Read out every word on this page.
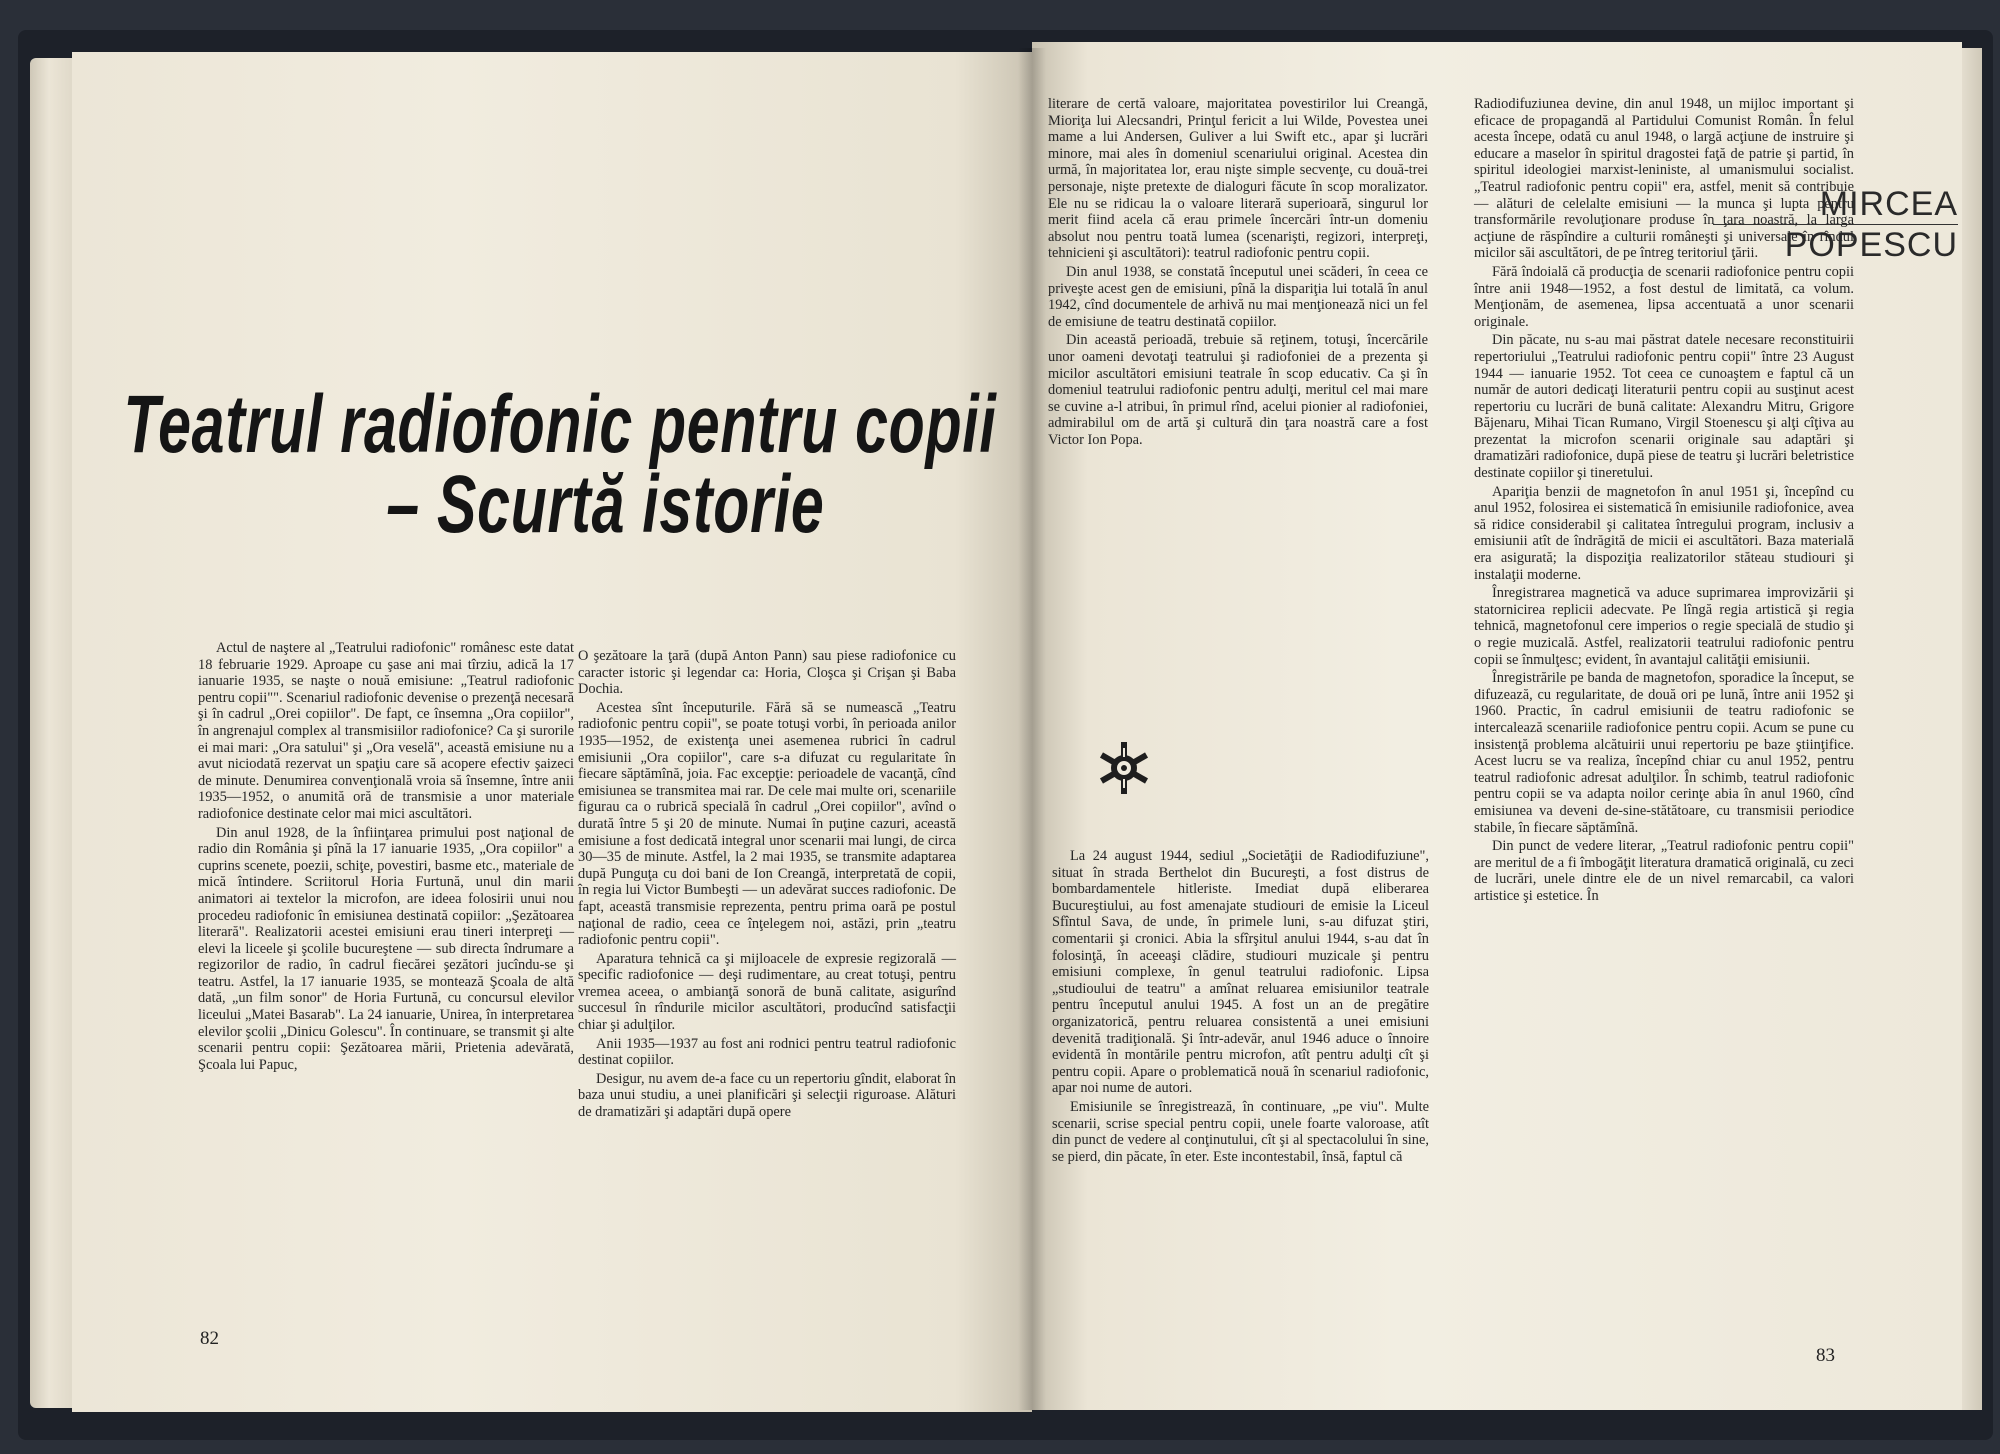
MIRCEA
POPESCU
Teatrul radiofonic pentru copii
– Scurtă istorie

Actul de naştere al „Teatrului radiofonic" românesc este datat 18 februarie 1929. Aproape cu şase ani mai tîrziu, adică la 17 ianuarie 1935, se naşte o nouă emisiune: „Teatrul radiofonic pentru copii"". Scenariul radiofonic devenise o prezenţă necesară şi în cadrul „Orei copiilor". De fapt, ce însemna „Ora copiilor", în angrenajul complex al transmisiilor radiofonice? Ca şi surorile ei mai mari: „Ora satului" şi „Ora veselă", această emisiune nu a avut niciodată rezervat un spaţiu care să acopere efectiv şaizeci de minute. Denumirea convenţională vroia să însemne, între anii 1935—1952, o anumită oră de transmisie a unor materiale radiofonice destinate celor mai mici ascultători.

Din anul 1928, de la înfiinţarea primului post naţional de radio din România şi pînă la 17 ianuarie 1935, „Ora copiilor" a cuprins scenete, poezii, schiţe, povestiri, basme etc., materiale de mică întindere. Scriitorul Horia Furtună, unul din marii animatori ai textelor la microfon, are ideea folosirii unui nou procedeu radiofonic în emisiunea destinată copiilor: „Şezătoarea literară". Realizatorii acestei emisiuni erau tineri interpreţi — elevi la liceele şi şcolile bucureştene — sub directa îndrumare a regizorilor de radio, în cadrul fiecărei şezători jucîndu-se şi teatru. Astfel, la 17 ianuarie 1935, se montează Şcoala de altă dată, „un film sonor" de Horia Furtună, cu concursul elevilor liceului „Matei Basarab". La 24 ianuarie, Unirea, în interpretarea elevilor şcolii „Dinicu Golescu". În continuare, se transmit şi alte scenarii pentru copii: Şezătoarea mării, Prietenia adevărată, Şcoala lui Papuc,

O şezătoare la ţară (după Anton Pann) sau piese radiofonice cu caracter istoric şi legendar ca: Horia, Cloşca şi Crişan şi Baba Dochia.

Acestea sînt începuturile. Fără să se numească „Teatru radiofonic pentru copii", se poate totuşi vorbi, în perioada anilor 1935—1952, de existenţa unei asemenea rubrici în cadrul emisiunii „Ora copiilor", care s-a difuzat cu regularitate în fiecare săptămînă, joia. Fac excepţie: perioadele de vacanţă, cînd emisiunea se transmitea mai rar. De cele mai multe ori, scenariile figurau ca o rubrică specială în cadrul „Orei copiilor", avînd o durată între 5 şi 20 de minute. Numai în puţine cazuri, această emisiune a fost dedicată integral unor scenarii mai lungi, de circa 30—35 de minute. Astfel, la 2 mai 1935, se transmite adaptarea după Punguţa cu doi bani de Ion Creangă, interpretată de copii, în regia lui Victor Bumbeşti — un adevărat succes radiofonic. De fapt, această transmisie reprezenta, pentru prima oară pe postul naţional de radio, ceea ce înţelegem noi, astăzi, prin „teatru radiofonic pentru copii".

Aparatura tehnică ca şi mijloacele de expresie regizorală — specific radiofonice — deşi rudimentare, au creat totuşi, pentru vremea aceea, o ambianţă sonoră de bună calitate, asigurînd succesul în rîndurile micilor ascultători, producînd satisfacţii chiar şi adulţilor.

Anii 1935—1937 au fost ani rodnici pentru teatrul radiofonic destinat copiilor.

Desigur, nu avem de-a face cu un repertoriu gîndit, elaborat în baza unui studiu, a unei planificări şi selecţii riguroase. Alături de dramatizări şi adaptări după opere

82

literare de certă valoare, majoritatea povestirilor lui Creangă, Mioriţa lui Alecsandri, Prinţul fericit a lui Wilde, Povestea unei mame a lui Andersen, Guliver a lui Swift etc., apar şi lucrări minore, mai ales în domeniul scenariului original. Acestea din urmă, în majoritatea lor, erau nişte simple secvenţe, cu două-trei personaje, nişte pretexte de dialoguri făcute în scop moralizator. Ele nu se ridicau la o valoare literară superioară, singurul lor merit fiind acela că erau primele încercări într-un domeniu absolut nou pentru toată lumea (scenarişti, regizori, interpreţi, tehnicieni şi ascultători): teatrul radiofonic pentru copii.

Din anul 1938, se constată începutul unei scăderi, în ceea ce priveşte acest gen de emisiuni, pînă la dispariţia lui totală în anul 1942, cînd documentele de arhivă nu mai menţionează nici un fel de emisiune de teatru destinată copiilor.

Din această perioadă, trebuie să reţinem, totuşi, încercările unor oameni devotaţi teatrului şi radiofoniei de a prezenta şi micilor ascultători emisiuni teatrale în scop educativ. Ca şi în domeniul teatrului radiofonic pentru adulţi, meritul cel mai mare se cuvine a-l atribui, în primul rînd, acelui pionier al radiofoniei, admirabilul om de artă şi cultură din ţara noastră care a fost Victor Ion Popa.

La 24 august 1944, sediul „Societăţii de Radiodifuziune", situat în strada Berthelot din Bucureşti, a fost distrus de bombardamentele hitleriste. Imediat după eliberarea Bucureştiului, au fost amenajate studiouri de emisie la Liceul Sfîntul Sava, de unde, în primele luni, s-au difuzat ştiri, comentarii şi cronici. Abia la sfîrşitul anului 1944, s-au dat în folosinţă, în aceeaşi clădire, studiouri muzicale şi pentru emisiuni complexe, în genul teatrului radiofonic. Lipsa „studioului de teatru" a amînat reluarea emisiunilor teatrale pentru începutul anului 1945. A fost un an de pregătire organizatorică, pentru reluarea consistentă a unei emisiuni devenită tradiţională. Şi într-adevăr, anul 1946 aduce o înnoire evidentă în montările pentru microfon, atît pentru adulţi cît şi pentru copii. Apare o problematică nouă în scenariul radiofonic, apar noi nume de autori.

Emisiunile se înregistrează, în continuare, „pe viu". Multe scenarii, scrise special pentru copii, unele foarte valoroase, atît din punct de vedere al conţinutului, cît şi al spectacolului în sine, se pierd, din păcate, în eter. Este incontestabil, însă, faptul că

Radiodifuziunea devine, din anul 1948, un mijloc important şi eficace de propagandă al Partidului Comunist Român. În felul acesta începe, odată cu anul 1948, o largă acţiune de instruire şi educare a maselor în spiritul dragostei faţă de patrie şi partid, în spiritul ideologiei marxist-leniniste, al umanismului socialist. „Teatrul radiofonic pentru copii" era, astfel, menit să contribuie — alături de celelalte emisiuni — la munca şi lupta pentru transformările revoluţionare produse în ţara noastră, la larga acţiune de răspîndire a culturii româneşti şi universale în rîndul micilor săi ascultători, de pe întreg teritoriul ţării.

Fără îndoială că producţia de scenarii radiofonice pentru copii între anii 1948—1952, a fost destul de limitată, ca volum. Menţionăm, de asemenea, lipsa accentuată a unor scenarii originale.

Din păcate, nu s-au mai păstrat datele necesare reconstituirii repertoriului „Teatrului radiofonic pentru copii" între 23 August 1944 — ianuarie 1952. Tot ceea ce cunoaştem e faptul că un număr de autori dedicaţi literaturii pentru copii au susţinut acest repertoriu cu lucrări de bună calitate: Alexandru Mitru, Grigore Băjenaru, Mihai Tican Rumano, Virgil Stoenescu şi alţi cîţiva au prezentat la microfon scenarii originale sau adaptări şi dramatizări radiofonice, după piese de teatru şi lucrări beletristice destinate copiilor şi tineretului.

Apariţia benzii de magnetofon în anul 1951 şi, începînd cu anul 1952, folosirea ei sistematică în emisiunile radiofonice, avea să ridice considerabil şi calitatea întregului program, inclusiv a emisiunii atît de îndrăgită de micii ei ascultători. Baza materială era asigurată; la dispoziţia realizatorilor stăteau studiouri şi instalaţii moderne.

Înregistrarea magnetică va aduce suprimarea improvizării şi statornicirea replicii adecvate. Pe lîngă regia artistică şi regia tehnică, magnetofonul cere imperios o regie specială de studio şi o regie muzicală. Astfel, realizatorii teatrului radiofonic pentru copii se înmulţesc; evident, în avantajul calităţii emisiunii.

Înregistrările pe banda de magnetofon, sporadice la început, se difuzează, cu regularitate, de două ori pe lună, între anii 1952 şi 1960. Practic, în cadrul emisiunii de teatru radiofonic se intercalează scenariile radiofonice pentru copii. Acum se pune cu insistenţă problema alcătuirii unui repertoriu pe baze ştiinţifice. Acest lucru se va realiza, începînd chiar cu anul 1952, pentru teatrul radiofonic adresat adulţilor. În schimb, teatrul radiofonic pentru copii se va adapta noilor cerinţe abia în anul 1960, cînd emisiunea va deveni de-sine-stătătoare, cu transmisii periodice stabile, în fiecare săptămînă.

Din punct de vedere literar, „Teatrul radiofonic pentru copii" are meritul de a fi îmbogăţit literatura dramatică originală, cu zeci de lucrări, unele dintre ele de un nivel remarcabil, ca valori artistice şi estetice. În

83
